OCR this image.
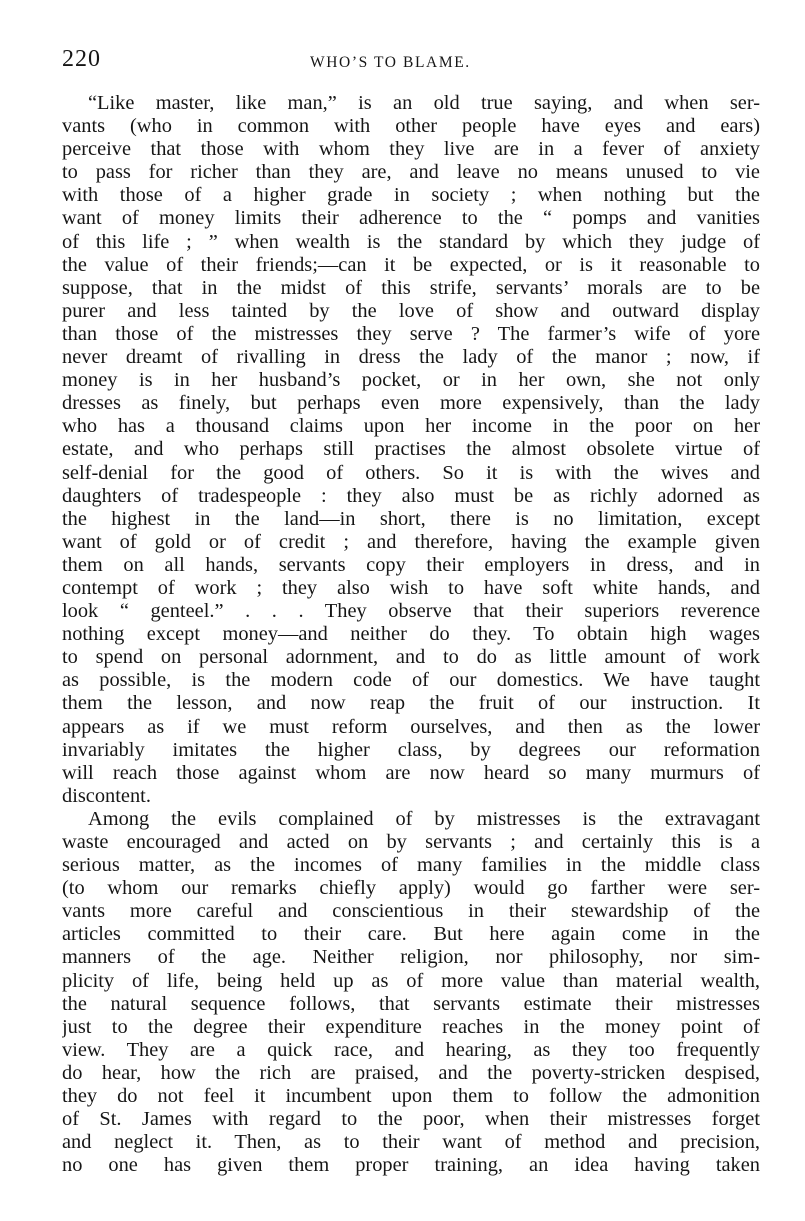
220	WHO’S TO BLAME.
“Like master, like man,” is an old true saying, and when ser-
vants (who in common with other people have eyes and ears)
perceive that those with whom they live are in a fever of anxiety
to pass for richer than they are, and leave no means unused to vie
with those of a higher grade in society ; when nothing but the
want of money limits their adherence to the “ pomps and vanities
of this life ; ” when wealth is the standard by which they judge of
the value of their friends;—can it be expected, or is it reasonable to
suppose, that in the midst of this strife, servants’ morals are to be
purer and less tainted by the love of show and outward display
than those of the mistresses they serve ? The farmer’s wife of yore
never dreamt of rivalling in dress the lady of the manor ; now, if
money is in her husband’s pocket, or in her own, she not only
dresses as finely, but perhaps even more expensively, than the lady
who has a thousand claims upon her income in the poor on her
estate, and who perhaps still practises the almost obsolete virtue of
self-denial for the good of others. So it is with the wives and
daughters of tradespeople : they also must be as richly adorned as
the highest in the land—in short, there is no limitation, except
want of gold or of credit ; and therefore, having the example given
them on all hands, servants copy their employers in dress, and in
contempt of work ; they also wish to have soft white hands, and
look “ genteel.” . . . They observe that their superiors reverence
nothing except money—and neither do they. To obtain high wages
to spend on personal adornment, and to do as little amount of work
as possible, is the modern code of our domestics. We have taught
them the lesson, and now reap the fruit of our instruction. It
appears as if we must reform ourselves, and then as the lower
invariably imitates the higher class, by degrees our reformation
will reach those against whom are now heard so many murmurs of
discontent.
Among the evils complained of by mistresses is the extravagant
waste encouraged and acted on by servants ; and certainly this is a
serious matter, as the incomes of many families in the middle class
(to whom our remarks chiefly apply) would go farther were ser-
vants more careful and conscientious in their stewardship of the
articles committed to their care. But here again come in the
manners of the age. Neither religion, nor philosophy, nor sim-
plicity of life, being held up as of more value than material wealth,
the natural sequence follows, that servants estimate their mistresses
just to the degree their expenditure reaches in the money point of
view. They are a quick race, and hearing, as they too frequently
do hear, how the rich are praised, and the poverty-stricken despised,
they do not feel it incumbent upon them to follow the admonition
of St. James with regard to the poor, when their mistresses forget
and neglect it. Then, as to their want of method and precision,
no one has given them proper training, an idea having taken
